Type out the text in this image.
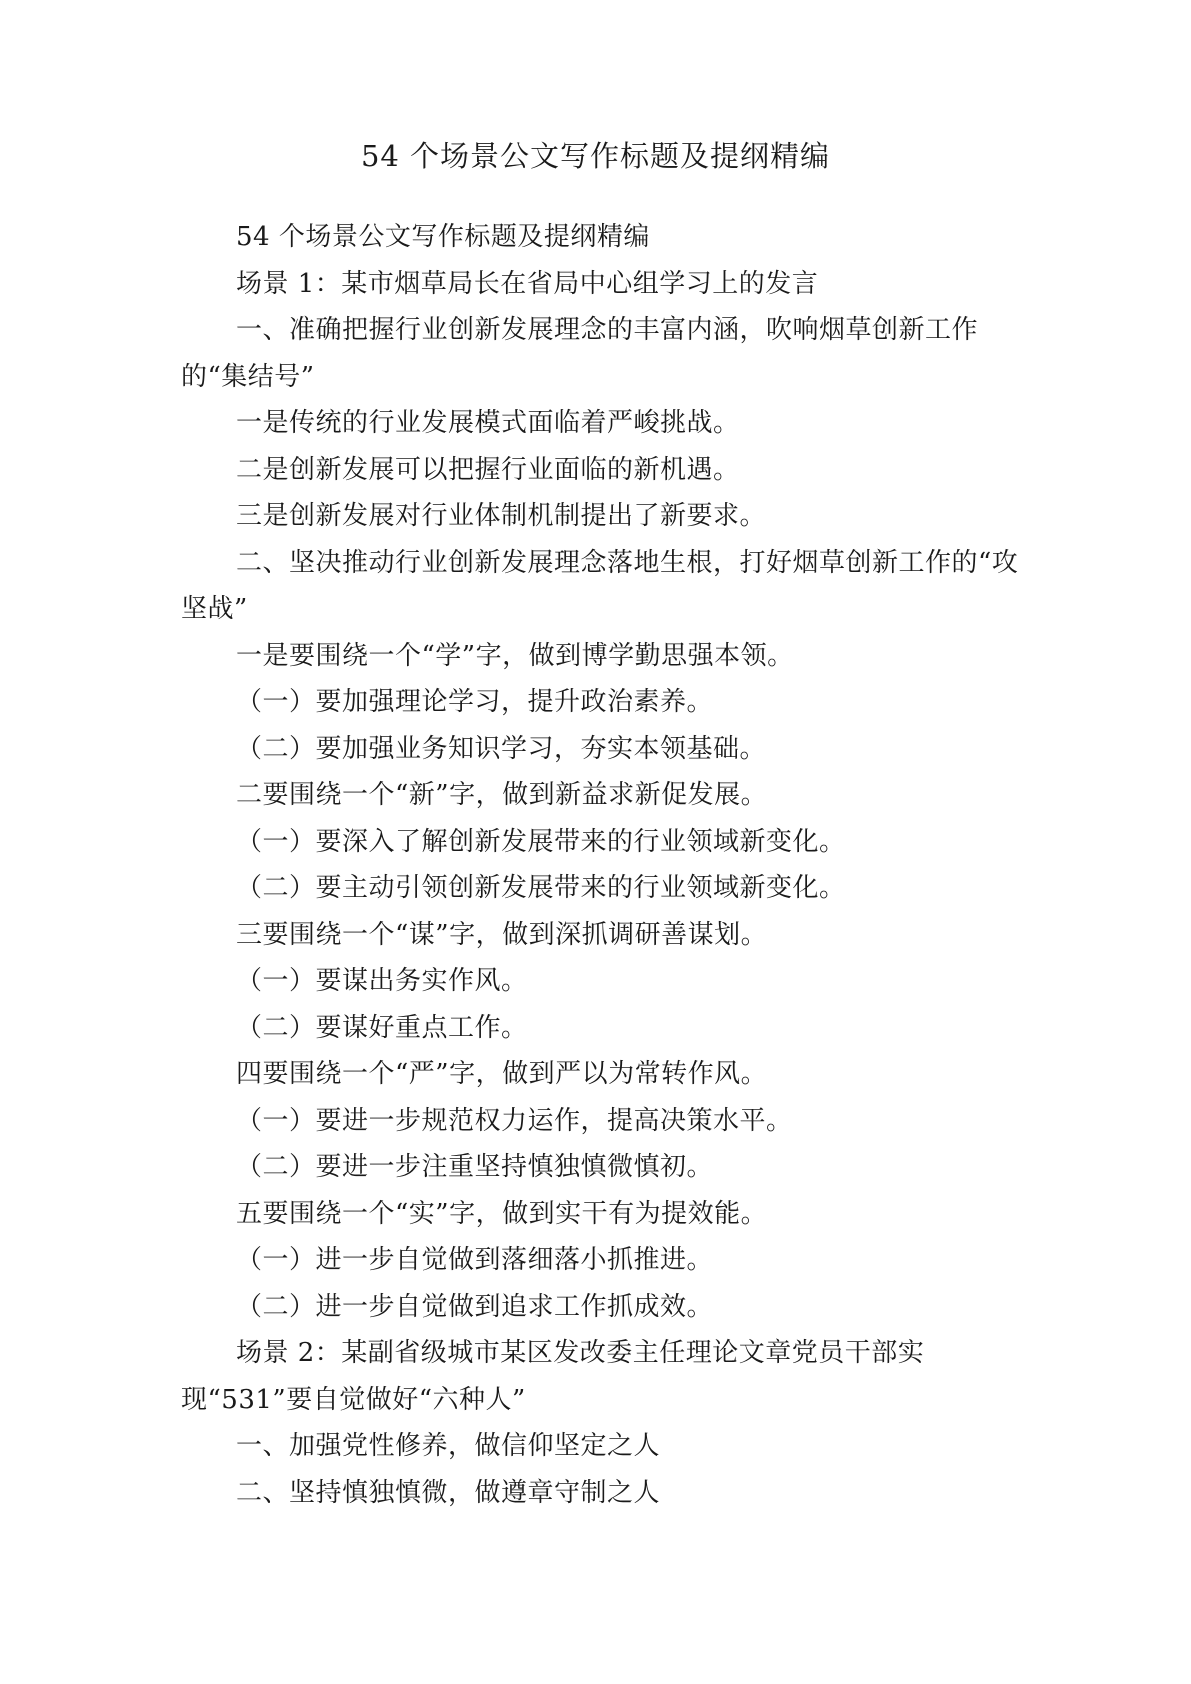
54 个场景公文写作标题及提纲精编

54 个场景公文写作标题及提纲精编

场景 1：某市烟草局长在省局中心组学习上的发言

一、准确把握行业创新发展理念的丰富内涵，吹响烟草创新工作的“集结号”

一是传统的行业发展模式面临着严峻挑战。

二是创新发展可以把握行业面临的新机遇。

三是创新发展对行业体制机制提出了新要求。

二、坚决推动行业创新发展理念落地生根，打好烟草创新工作的“攻坚战”

一是要围绕一个“学”字，做到博学勤思强本领。

（一）要加强理论学习，提升政治素养。

（二）要加强业务知识学习，夯实本领基础。

二要围绕一个“新”字，做到新益求新促发展。

（一）要深入了解创新发展带来的行业领域新变化。

（二）要主动引领创新发展带来的行业领域新变化。

三要围绕一个“谋”字，做到深抓调研善谋划。

（一）要谋出务实作风。

（二）要谋好重点工作。

四要围绕一个“严”字，做到严以为常转作风。

（一）要进一步规范权力运作，提高决策水平。

（二）要进一步注重坚持慎独慎微慎初。

五要围绕一个“实”字，做到实干有为提效能。

（一）进一步自觉做到落细落小抓推进。

（二）进一步自觉做到追求工作抓成效。

场景 2：某副省级城市某区发改委主任理论文章党员干部实现“531”要自觉做好“六种人”

一、加强党性修养，做信仰坚定之人

二、坚持慎独慎微，做遵章守制之人
